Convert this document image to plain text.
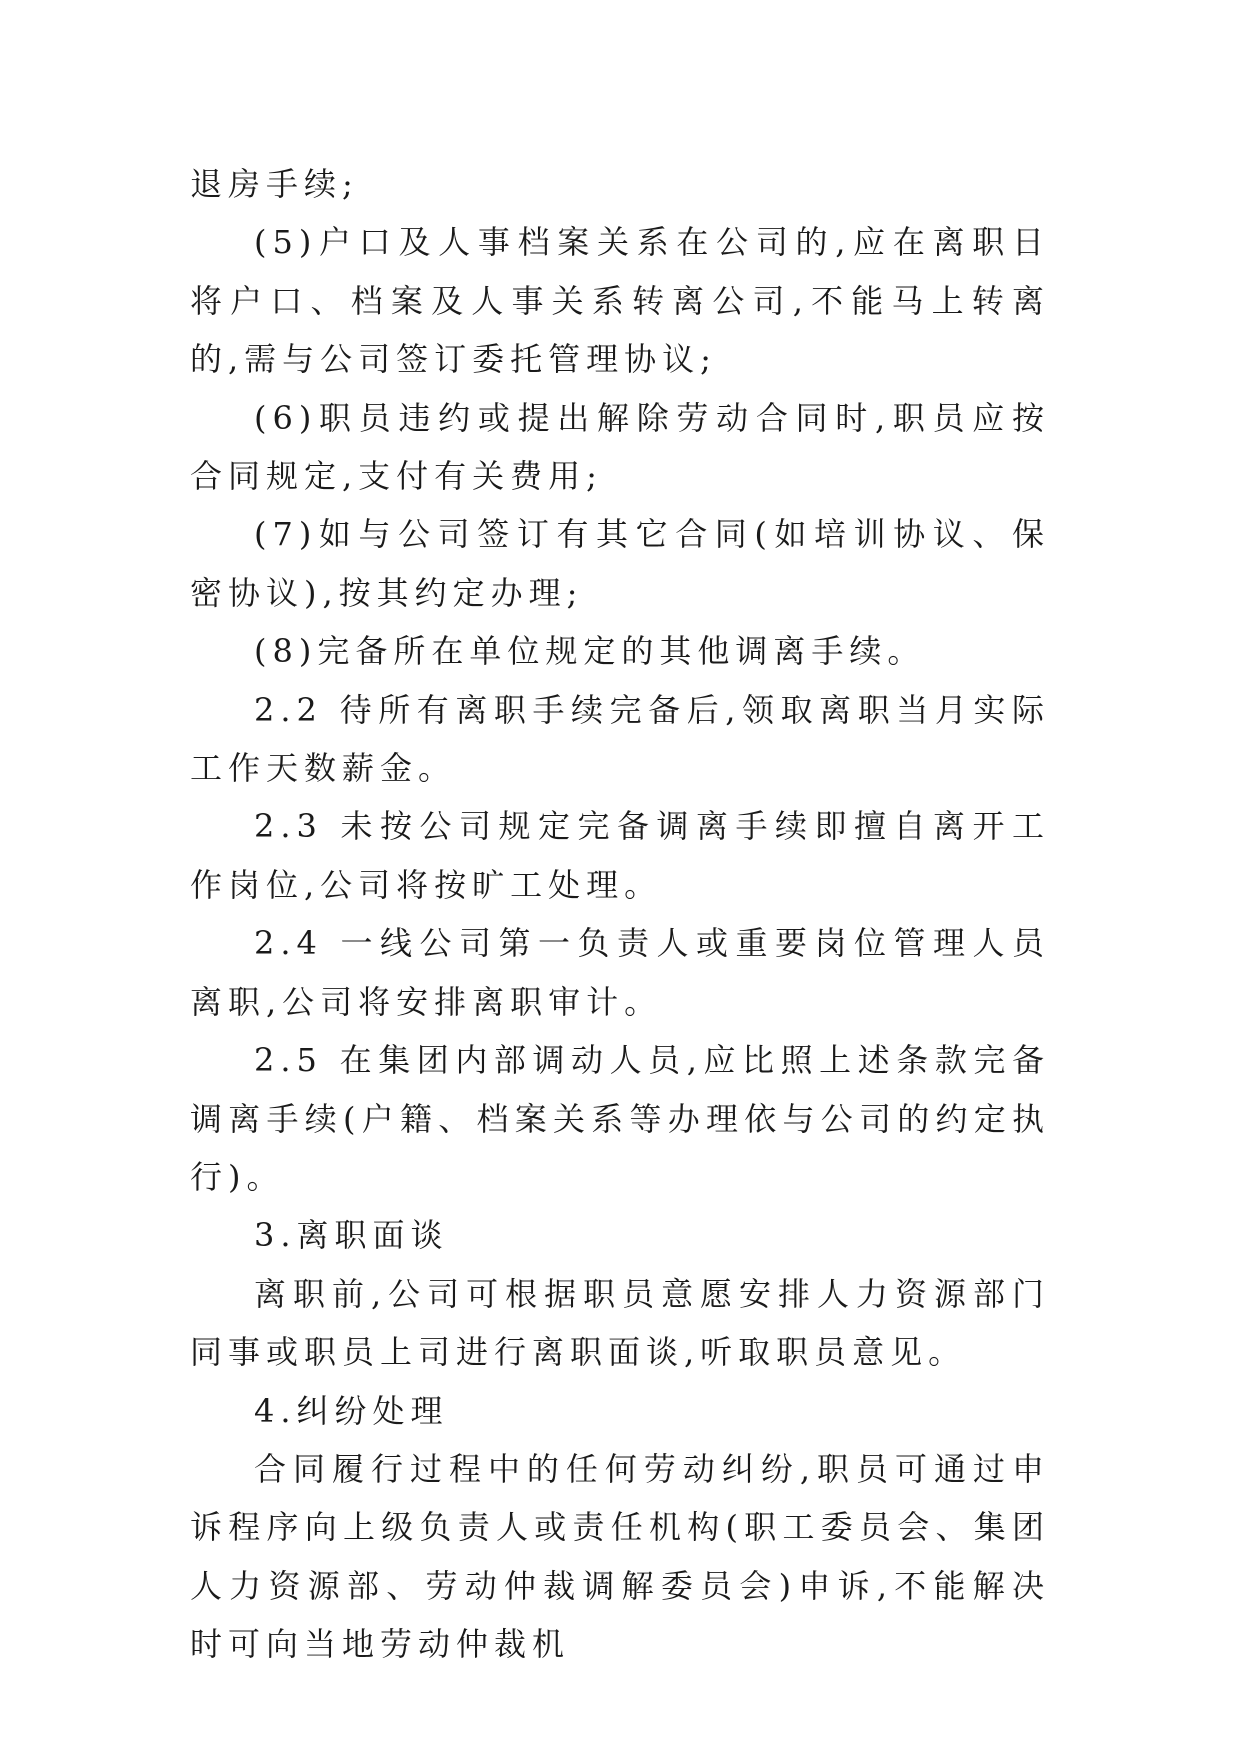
退房手续;

(5)户口及人事档案关系在公司的,应在离职日将户口、档案及人事关系转离公司,不能马上转离的,需与公司签订委托管理协议;

(6)职员违约或提出解除劳动合同时,职员应按合同规定,支付有关费用;

(7)如与公司签订有其它合同(如培训协议、保密协议),按其约定办理;

(8)完备所在单位规定的其他调离手续。

2.2 待所有离职手续完备后,领取离职当月实际工作天数薪金。

2.3 未按公司规定完备调离手续即擅自离开工作岗位,公司将按旷工处理。

2.4 一线公司第一负责人或重要岗位管理人员离职,公司将安排离职审计。

2.5 在集团内部调动人员,应比照上述条款完备调离手续(户籍、档案关系等办理依与公司的约定执行)。

3.离职面谈

离职前,公司可根据职员意愿安排人力资源部门同事或职员上司进行离职面谈,听取职员意见。

4.纠纷处理

合同履行过程中的任何劳动纠纷,职员可通过申诉程序向上级负责人或责任机构(职工委员会、集团人力资源部、劳动仲裁调解委员会)申诉,不能解决时可向当地劳动仲裁机
